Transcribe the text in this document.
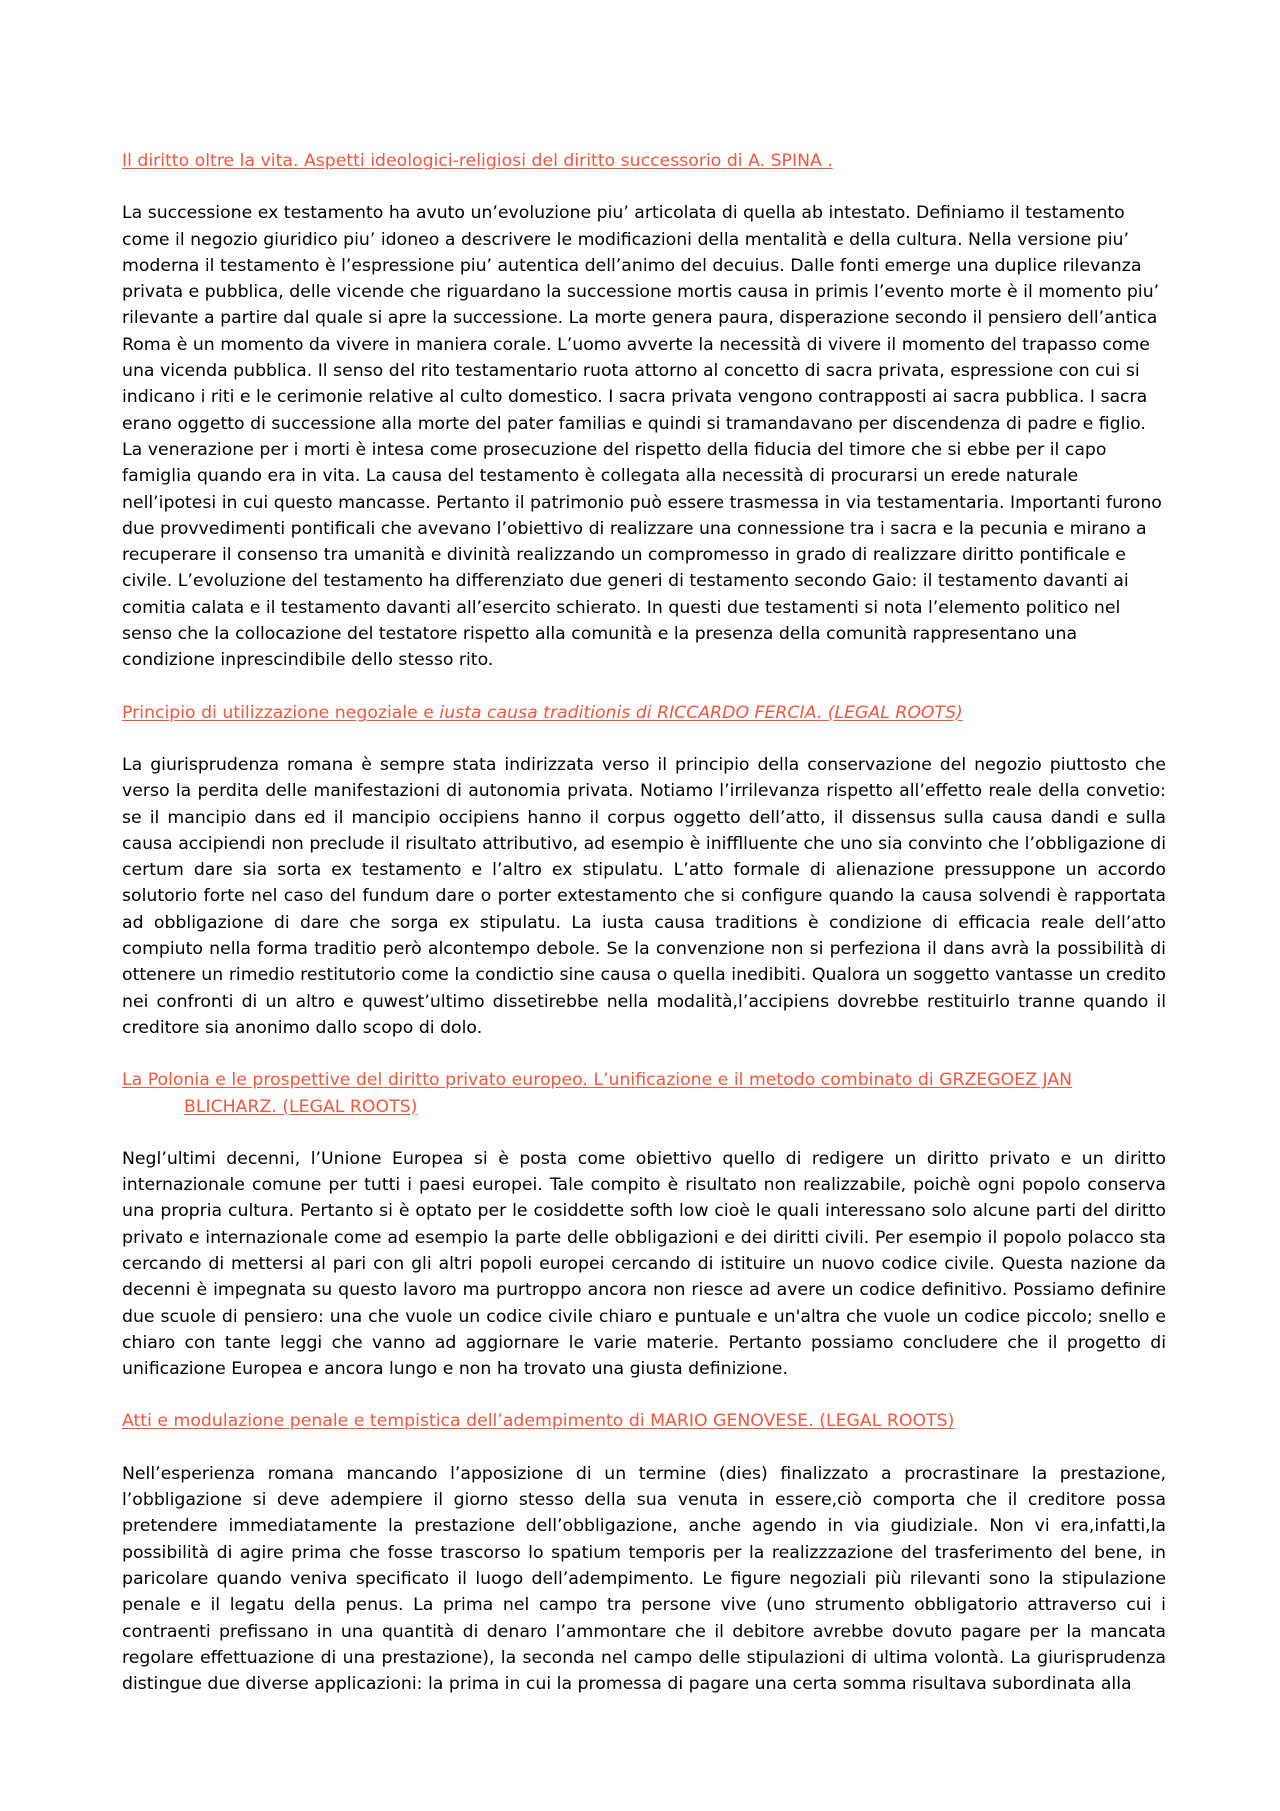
Il diritto oltre la vita. Aspetti ideologici-religiosi del diritto successorio di A. SPINA .

La successione ex testamento ha avuto un’evoluzione piu’ articolata di quella ab intestato. Definiamo il testamento come il negozio giuridico piu’ idoneo a descrivere le modificazioni della mentalità e della cultura. Nella versione piu’ moderna il testamento è l’espressione piu’ autentica dell’animo del decuius. Dalle fonti emerge una duplice rilevanza privata e pubblica, delle vicende che riguardano la successione mortis causa in primis l’evento morte è il momento piu’ rilevante a partire dal quale si apre la successione. La morte genera paura, disperazione secondo il pensiero dell’antica Roma è un momento da vivere in maniera corale. L’uomo avverte la necessità di vivere il momento del trapasso come una vicenda pubblica. Il senso del rito testamentario ruota attorno al concetto di sacra privata, espressione con cui si indicano i riti e le cerimonie relative al culto domestico. I sacra privata vengono contrapposti ai sacra pubblica. I sacra erano oggetto di successione alla morte del pater familias e quindi si tramandavano per discendenza di padre e figlio. La venerazione per i morti è intesa come prosecuzione del rispetto della fiducia del timore che si ebbe per il capo famiglia quando era in vita. La causa del testamento è collegata alla necessità di procurarsi un erede naturale nell’ipotesi in cui questo mancasse. Pertanto il patrimonio può essere trasmessa in via testamentaria. Importanti furono due provvedimenti pontificali che avevano l’obiettivo di realizzare una connessione tra i sacra e la pecunia e mirano a recuperare il consenso tra umanità e divinità realizzando un compromesso in grado di realizzare diritto pontificale e civile. L’evoluzione del testamento ha differenziato due generi di testamento secondo Gaio: il testamento davanti ai comitia calata e il testamento davanti all’esercito schierato. In questi due testamenti si nota l’elemento politico nel senso che la collocazione del testatore rispetto alla comunità e la presenza della comunità rappresentano una condizione inprescindibile dello stesso rito.

Principio di utilizzazione negoziale e iusta causa traditionis di RICCARDO FERCIA. (LEGAL ROOTS)

La giurisprudenza romana è sempre stata indirizzata verso il principio della conservazione del negozio piuttosto che verso la perdita delle manifestazioni di autonomia privata. Notiamo l’irrilevanza rispetto all’effetto reale della convetio: se il mancipio dans ed il mancipio occipiens hanno il corpus oggetto dell’atto, il dissensus sulla causa dandi e sulla causa accipiendi non preclude il risultato attributivo, ad esempio è inifflluente che uno sia convinto che l’obbligazione di certum dare sia sorta ex testamento e l’altro ex stipulatu. L’atto formale di alienazione pressuppone un accordo solutorio forte nel caso del fundum dare o porter extestamento che si configure quando la causa solvendi è rapportata ad obbligazione di dare che sorga ex stipulatu. La iusta causa traditions è condizione di efficacia reale dell’atto compiuto nella forma traditio però alcontempo debole. Se la convenzione non si perfeziona il dans avrà la possibilità di ottenere un rimedio restitutorio come la condictio sine causa o quella inedibiti. Qualora un soggetto vantasse un credito nei confronti di un altro e quwest’ultimo dissetirebbe nella modalità,l’accipiens dovrebbe restituirlo tranne quando il creditore sia anonimo dallo scopo di dolo.

La Polonia e le prospettive del diritto privato europeo. L’unificazione e il metodo combinato di GRZEGOEZ JAN
BLICHARZ. (LEGAL ROOTS)

Negl’ultimi decenni, l’Unione Europea si è posta come obiettivo quello di redigere un diritto privato e un diritto internazionale comune per tutti i paesi europei. Tale compito è risultato non realizzabile, poichè ogni popolo conserva una propria cultura. Pertanto si è optato per le cosiddette softh low cioè le quali interessano solo alcune parti del diritto privato e internazionale come ad esempio la parte delle obbligazioni e dei diritti civili. Per esempio il popolo polacco sta cercando di mettersi al pari con gli altri popoli europei cercando di istituire un nuovo codice civile. Questa nazione da decenni è impegnata su questo lavoro ma purtroppo ancora non riesce ad avere un codice definitivo. Possiamo definire due scuole di pensiero: una che vuole un codice civile chiaro e puntuale e un'altra che vuole un codice piccolo; snello e chiaro con tante leggi che vanno ad aggiornare le varie materie. Pertanto possiamo concludere che il progetto di unificazione Europea e ancora lungo e non ha trovato una giusta definizione.

Atti e modulazione penale e tempistica dell’adempimento di MARIO GENOVESE. (LEGAL ROOTS)

Nell’esperienza romana mancando l’apposizione di un termine (dies) finalizzato a procrastinare la prestazione, l’obbligazione si deve adempiere il giorno stesso della sua venuta in essere,ciò comporta che il creditore possa pretendere immediatamente la prestazione dell’obbligazione, anche agendo in via giudiziale. Non vi era,infatti,la possibilità di agire prima che fosse trascorso lo spatium temporis per la realizzzazione del trasferimento del bene, in paricolare quando veniva specificato il luogo dell’adempimento. Le figure negoziali più rilevanti sono la stipulazione penale e il legatu della penus. La prima nel campo tra persone vive (uno strumento obbligatorio attraverso cui i contraenti prefissano in una quantità di denaro l’ammontare che il debitore avrebbe dovuto pagare per la mancata regolare effettuazione di una prestazione), la seconda nel campo delle stipulazioni di ultima volontà. La giurisprudenza distingue due diverse applicazioni: la prima in cui la promessa di pagare una certa somma risultava subordinata alla
